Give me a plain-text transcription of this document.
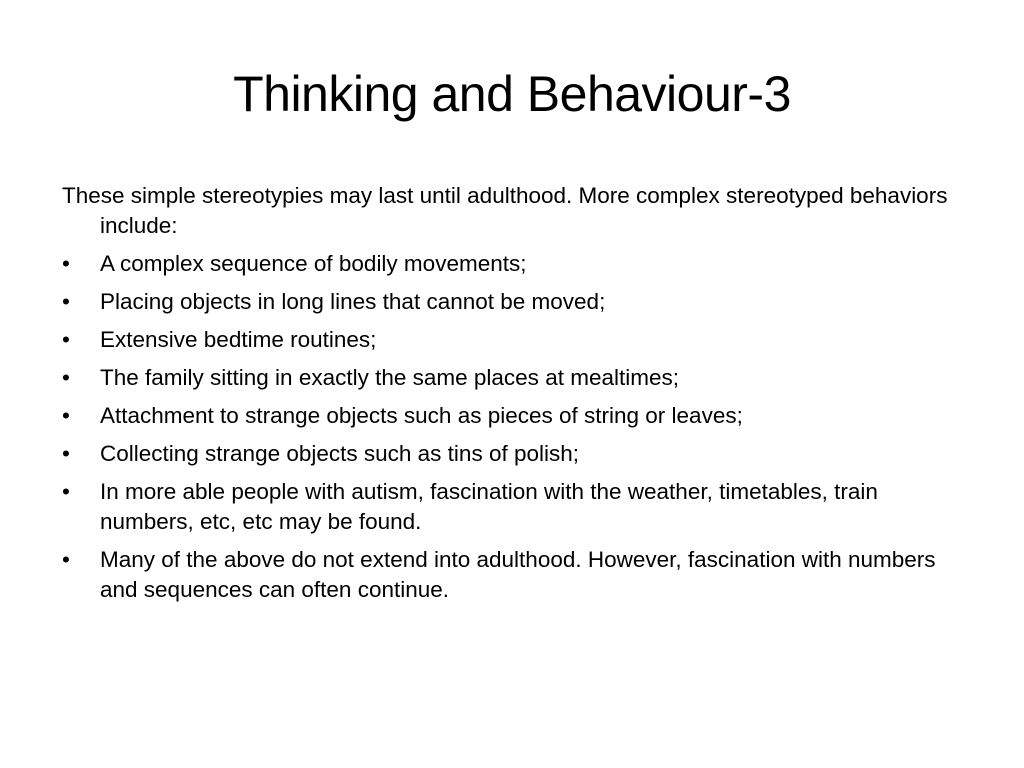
Thinking and Behaviour-3

These simple stereotypies may last until adulthood. More complex stereotyped behaviors include:

•	A complex sequence of bodily movements;
•	Placing objects in long lines that cannot be moved;
•	Extensive bedtime routines;
•	The family sitting in exactly the same places at mealtimes;
•	Attachment to strange objects such as pieces of string or leaves;
•	Collecting strange objects such as tins of polish;
•	In more able people with autism, fascination with the weather, timetables, train numbers, etc, etc may be found.
•	Many of the above do not extend into adulthood. However, fascination with numbers and sequences can often continue.
